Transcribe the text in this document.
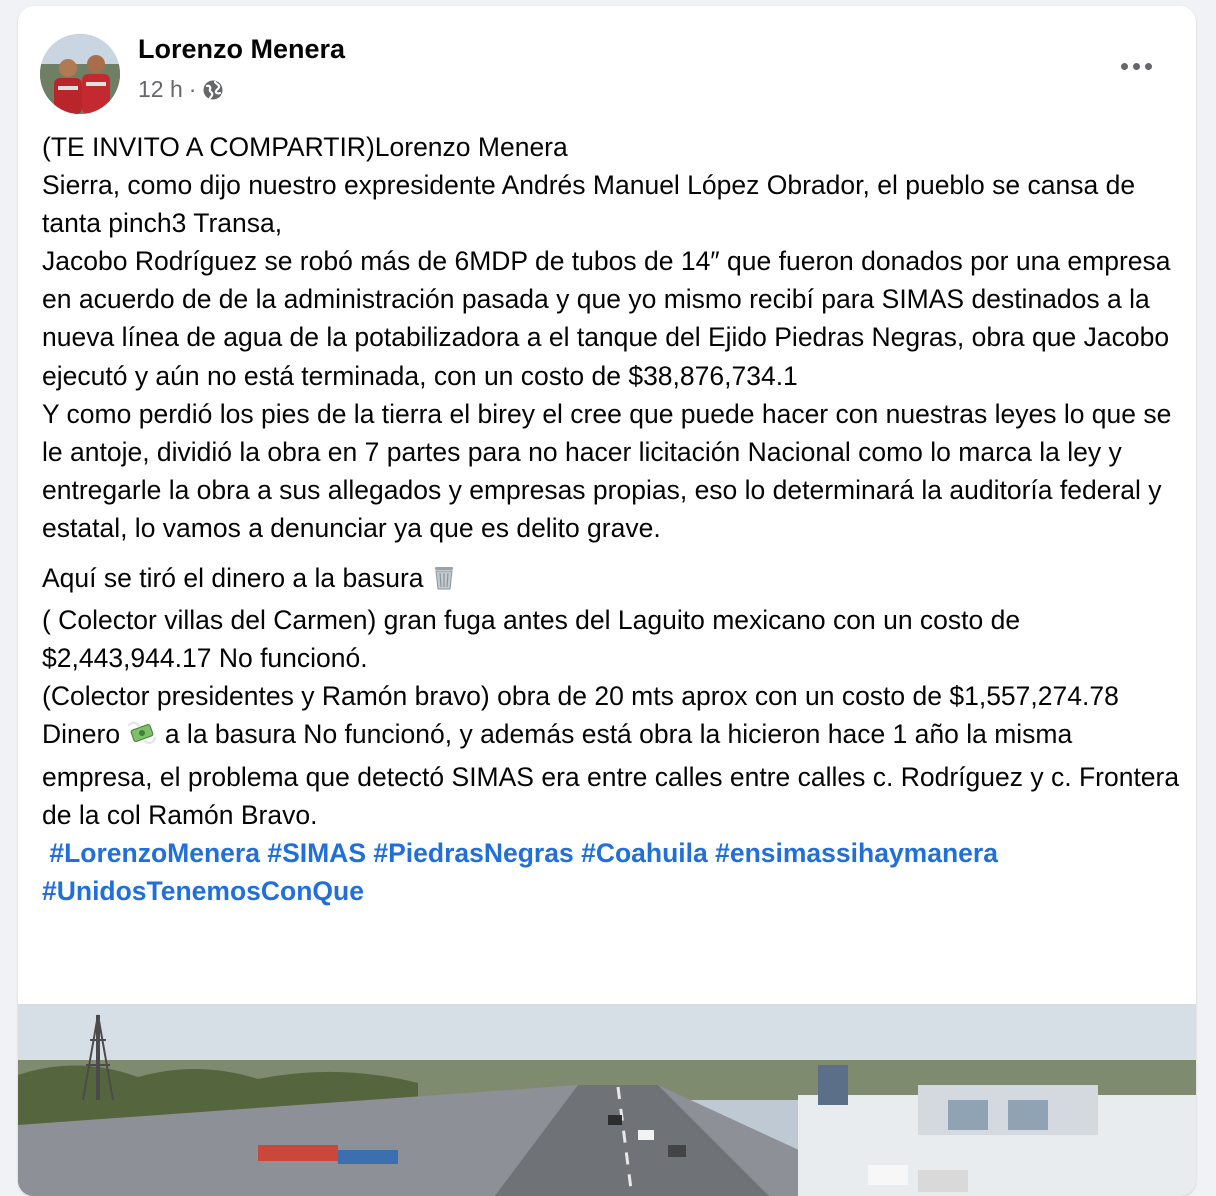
Lorenzo Menera
12 h ·

(TE INVITO A COMPARTIR)Lorenzo Menera
Sierra, como dijo nuestro expresidente Andrés Manuel López Obrador, el pueblo se cansa de tanta pinch3 Transa,
Jacobo Rodríguez se robó más de 6MDP de tubos de 14″ que fueron donados por una empresa en acuerdo de de la administración pasada y que yo mismo recibí para SIMAS destinados a la nueva línea de agua de la potabilizadora a el tanque del Ejido Piedras Negras, obra que Jacobo ejecutó y aún no está terminada, con un costo de $38,876,734.1
Y como perdió los pies de la tierra el birey el cree que puede hacer con nuestras leyes lo que se le antoje, dividió la obra en 7 partes para no hacer licitación Nacional como lo marca la ley y entregarle la obra a sus allegados y empresas propias, eso lo determinará la auditoría federal y estatal, lo vamos a denunciar ya que es delito grave.

Aquí se tiró el dinero a la basura
( Colector villas del Carmen) gran fuga antes del Laguito mexicano con un costo de $2,443,944.17 No funcionó.
(Colector presidentes y Ramón bravo) obra de 20 mts aprox con un costo de $1,557,274.78 Dinero a la basura No funcionó, y además está obra la hicieron hace 1 año la misma empresa, el problema que detectó SIMAS era entre calles entre calles c. Rodríguez y c. Frontera de la col Ramón Bravo.

#LorenzoMenera #SIMAS #PiedrasNegras #Coahuila #ensimassihaymanera #UnidosTenemosConQue
